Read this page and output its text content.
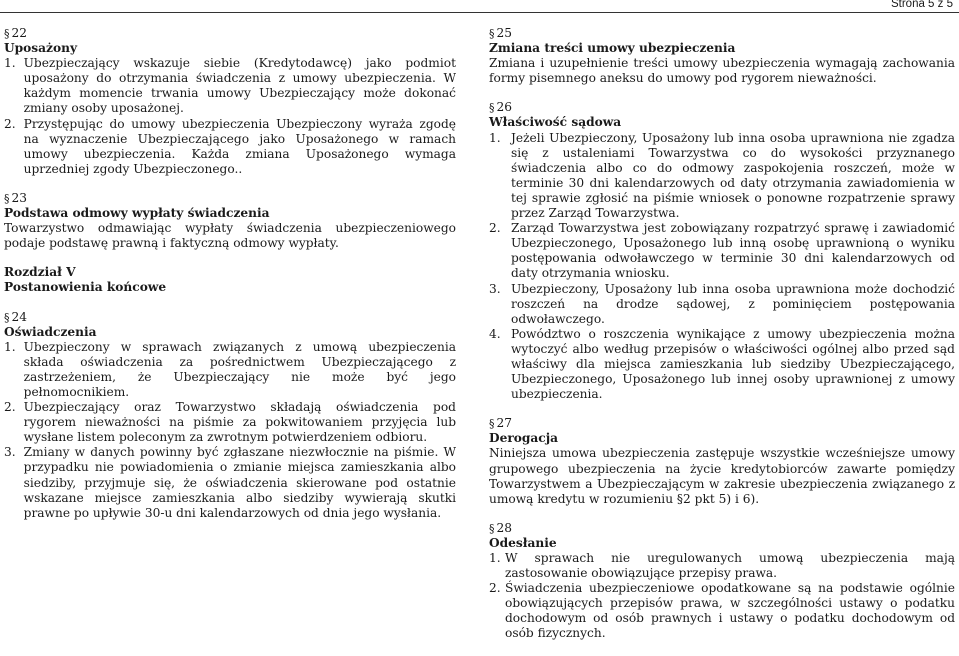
Strona 5 z 5

§ 22

Uposażony

1. Ubezpieczający wskazuje siebie (Kredytodawcę) jako podmiot uposażony do otrzymania świadczenia z umowy ubezpieczenia. W każdym momencie trwania umowy Ubezpieczający może dokonać zmiany osoby uposażonej.
2. Przystępując do umowy ubezpieczenia Ubezpieczony wyraża zgodę na wyznaczenie Ubezpieczającego jako Uposażonego w ramach umowy ubezpieczenia. Każda zmiana Uposażonego wymaga uprzedniej zgody Ubezpieczonego..

§ 23

Podstawa odmowy wypłaty świadczenia

Towarzystwo odmawiając wypłaty świadczenia ubezpieczeniowego podaje podstawę prawną i faktyczną odmowy wypłaty.

Rozdział V

Postanowienia końcowe

§ 24

Oświadczenia

1. Ubezpieczony w sprawach związanych z umową ubezpieczenia składa oświadczenia za pośrednictwem Ubezpieczającego z zastrzeżeniem, że Ubezpieczający nie może być jego pełnomocnikiem.
2. Ubezpieczający oraz Towarzystwo składają oświadczenia pod rygorem nieważności na piśmie za pokwitowaniem przyjęcia lub wysłane listem poleconym za zwrotnym potwierdzeniem odbioru.
3. Zmiany w danych powinny być zgłaszane niezwłocznie na piśmie. W przypadku nie powiadomienia o zmianie miejsca zamieszkania albo siedziby, przyjmuje się, że oświadczenia skierowane pod ostatnie wskazane miejsce zamieszkania albo siedziby wywierają skutki prawne po upływie 30-u dni kalendarzowych od dnia jego wysłania.

§ 25

Zmiana treści umowy ubezpieczenia

Zmiana i uzupełnienie treści umowy ubezpieczenia wymagają zachowania formy pisemnego aneksu do umowy pod rygorem nieważności.

§ 26

Właściwość sądowa

1. Jeżeli Ubezpieczony, Uposażony lub inna osoba uprawniona nie zgadza się z ustaleniami Towarzystwa co do wysokości przyznanego świadczenia albo co do odmowy zaspokojenia roszczeń, może w terminie 30 dni kalendarzowych od daty otrzymania zawiadomienia w tej sprawie zgłosić na piśmie wniosek o ponowne rozpatrzenie sprawy przez Zarząd Towarzystwa.
2. Zarząd Towarzystwa jest zobowiązany rozpatrzyć sprawę i zawiadomić Ubezpieczonego, Uposażonego lub inną osobę uprawnioną o wyniku postępowania odwoławczego w terminie 30 dni kalendarzowych od daty otrzymania wniosku.
3. Ubezpieczony, Uposażony lub inna osoba uprawniona może dochodzić roszczeń na drodze sądowej, z pominięciem postępowania odwoławczego.
4. Powództwo o roszczenia wynikające z umowy ubezpieczenia można wytoczyć albo według przepisów o właściwości ogólnej albo przed sąd właściwy dla miejsca zamieszkania lub siedziby Ubezpieczającego, Ubezpieczonego, Uposażonego lub innej osoby uprawnionej z umowy ubezpieczenia.

§ 27

Derogacja

Niniejsza umowa ubezpieczenia zastępuje wszystkie wcześniejsze umowy grupowego ubezpieczenia na życie kredytobiorców zawarte pomiędzy Towarzystwem a Ubezpieczającym w zakresie ubezpieczenia związanego z umową kredytu w rozumieniu §2 pkt 5) i 6).

§ 28

Odesłanie

1. W sprawach nie uregulowanych umową ubezpieczenia mają zastosowanie obowiązujące przepisy prawa.
2. Świadczenia ubezpieczeniowe opodatkowane są na podstawie ogólnie obowiązujących przepisów prawa, w szczególności ustawy o podatku dochodowym od osób prawnych i ustawy o podatku dochodowym od osób fizycznych.
